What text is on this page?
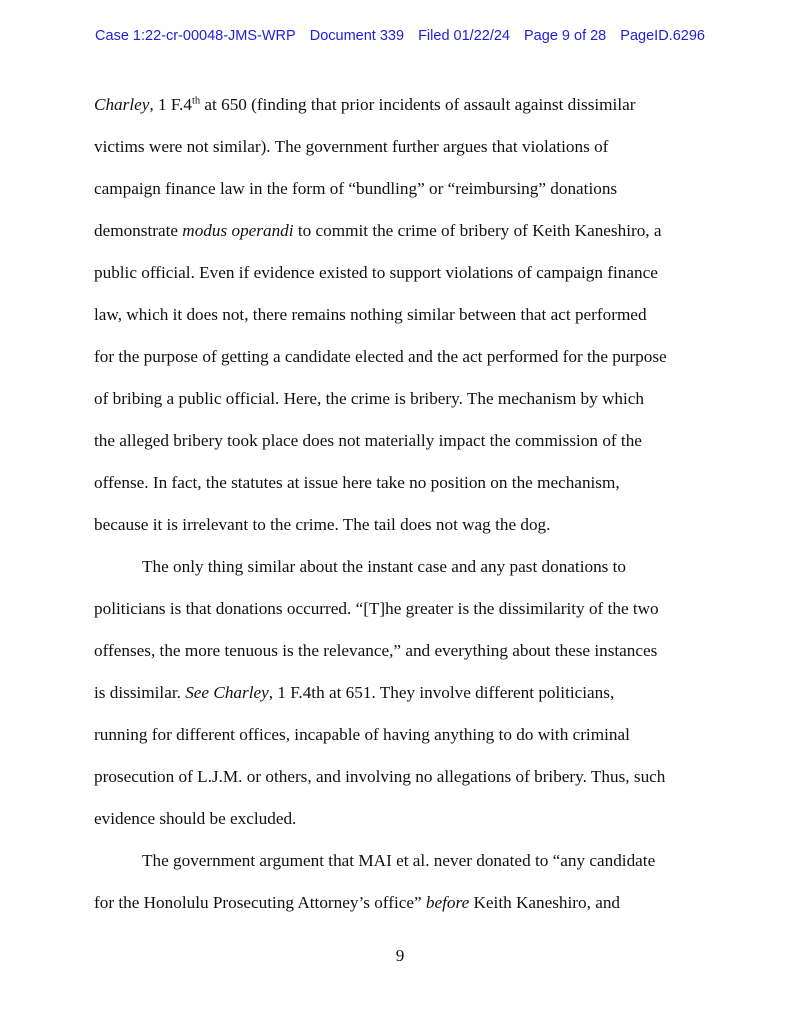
Case 1:22-cr-00048-JMS-WRP Document 339 Filed 01/22/24 Page 9 of 28 PageID.6296
Charley, 1 F.4th at 650 (finding that prior incidents of assault against dissimilar
victims were not similar). The government further argues that violations of
campaign finance law in the form of “bundling” or “reimbursing” donations
demonstrate modus operandi to commit the crime of bribery of Keith Kaneshiro, a
public official. Even if evidence existed to support violations of campaign finance
law, which it does not, there remains nothing similar between that act performed
for the purpose of getting a candidate elected and the act performed for the purpose
of bribing a public official. Here, the crime is bribery. The mechanism by which
the alleged bribery took place does not materially impact the commission of the
offense. In fact, the statutes at issue here take no position on the mechanism,
because it is irrelevant to the crime. The tail does not wag the dog.
The only thing similar about the instant case and any past donations to
politicians is that donations occurred. “[T]he greater is the dissimilarity of the two
offenses, the more tenuous is the relevance,” and everything about these instances
is dissimilar. See Charley, 1 F.4th at 651. They involve different politicians,
running for different offices, incapable of having anything to do with criminal
prosecution of L.J.M. or others, and involving no allegations of bribery. Thus, such
evidence should be excluded.
The government argument that MAI et al. never donated to “any candidate
for the Honolulu Prosecuting Attorney’s office” before Keith Kaneshiro, and
9
